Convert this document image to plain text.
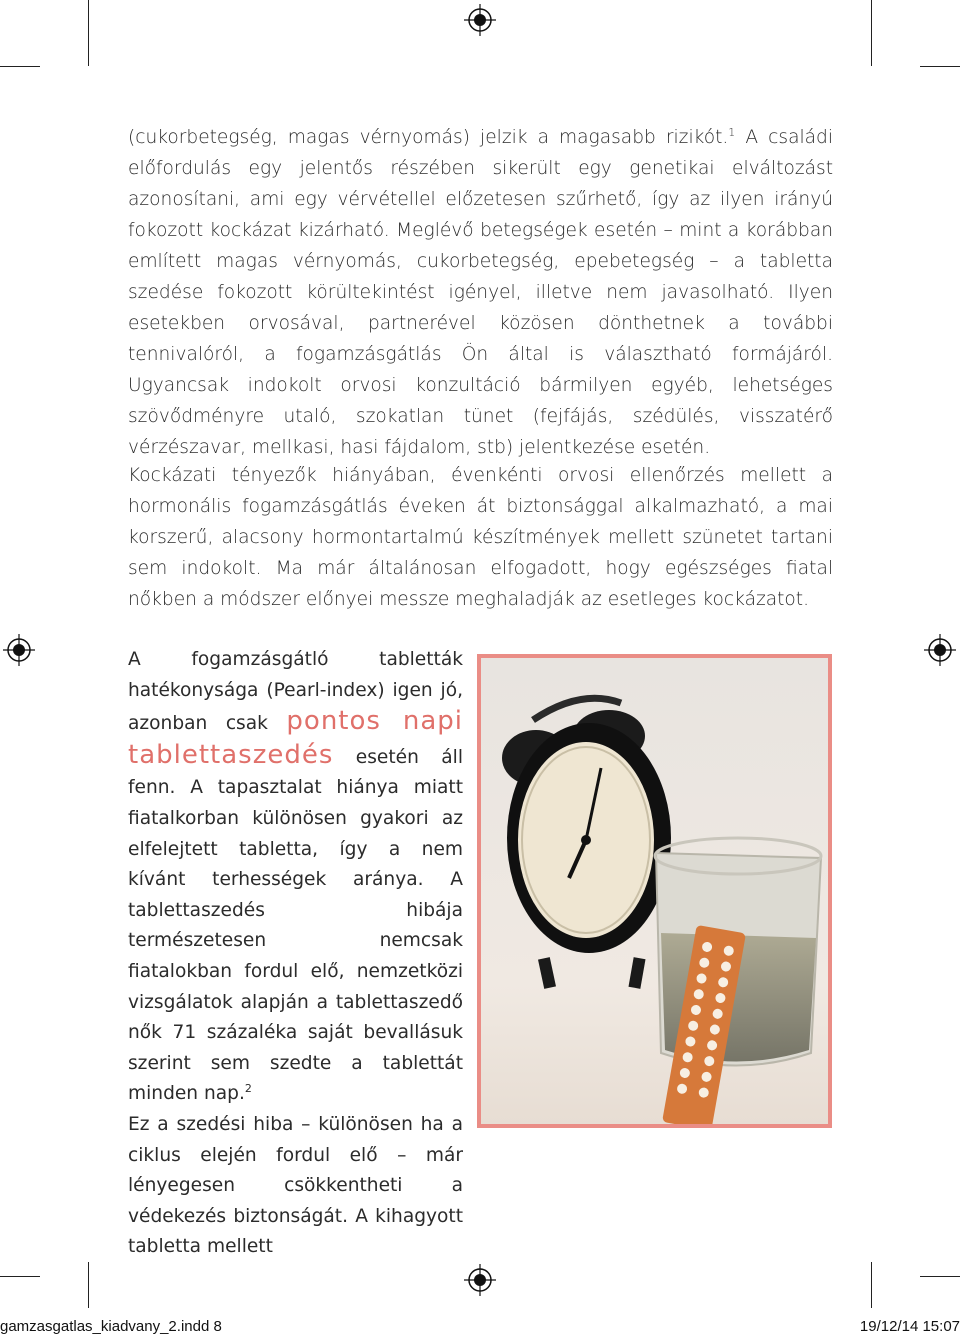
(cukorbetegség, magas vérnyomás) jelzik a magasabb rizikót.$^1$ A családi előfordulás egy jelentős részében sikerült egy genetikai elváltozást azonosítani, ami egy vérvétellel előzetesen szűrhető, így az ilyen irányú fokozott kockázat kizárható. Meglévő betegségek esetén – mint a korábban említett magas vérnyomás, cukorbetegség, epebetegség – a tabletta szedése fokozott körültekintést igényel, illetve nem javasolható. Ilyen esetekben orvosával, partnerével közösen dönthetnek a további tennivalóról, a fogamzásgátlás Ön által is választható formájáról. Ugyancsak indokolt orvosi konzultáció bármilyen egyéb, lehetséges szövődményre utaló, szokatlan tünet (fejfájás, szédülés, visszatérő vérzészavar, mellkasi, hasi fájdalom, stb) jelentkezése esetén.

Kockázati tényezők hiányában, évenkénti orvosi ellenőrzés mellett a hormonális fogamzásgátlás éveken át biztonsággal alkalmazható, a mai korszerű, alacsony hormontartalmú készítmények mellett szünetet tartani sem indokolt. Ma már általánosan elfogadott, hogy egészséges fiatal nőkben a módszer előnyei messze meghaladják az esetleges kockázatot.

A fogamzásgátló tabletták hatékonysága (Pearl-index) igen jó, azonban csak pontos napi tablettaszedés esetén áll fenn. A tapasztalat hiánya miatt fiatalkorban különösen gyakori az elfelejtett tabletta, így a nem kívánt terhességek aránya. A tablettaszedés hibája természetesen nemcsak fiatalokban fordul elő, nemzetközi vizsgálatok alapján a tablettaszedő nők 71 százaléka saját bevallásuk szerint sem szedte a tablettát minden nap.$^2$
Ez a szedési hiba – különösen ha a ciklus elején fordul elő – már lényegesen csökkentheti a védekezés biztonságát. A kihagyott tabletta mellett

gamzasgatlas_kiadvany_2.indd 8	19/12/14 15:07
